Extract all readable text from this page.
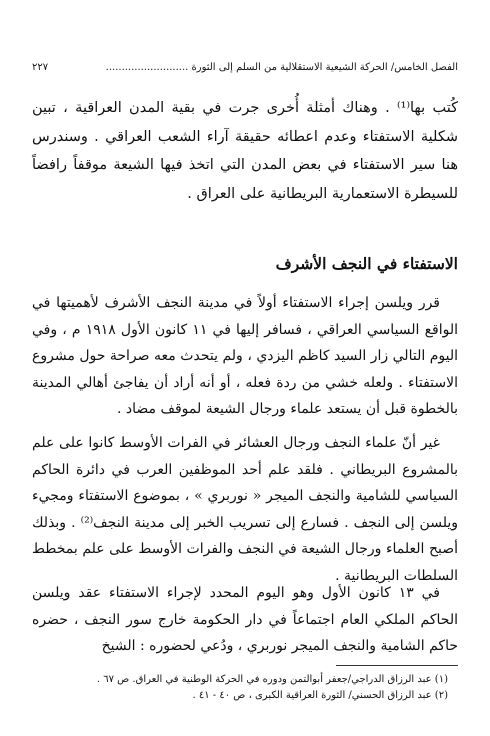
الفصل الخامس/ الحركة الشيعية الاستقلالية من السلم إلى الثورة ..........................
٢٢٧

كُتب بها⁽¹⁾ . وهناك أمثلة أُخرى جرت في بقية المدن العراقية ، تبين شكلية الاستفتاء وعدم اعطائه حقيقة آراء الشعب العراقي . وسندرس هنا سير الاستفتاء في بعض المدن التي اتخذ فيها الشيعة موقفاً رافضاً للسيطرة الاستعمارية البريطانية على العراق .

الاستفتاء في النجف الأشرف

قرر ويلسن إجراء الاستفتاء أولاً في مدينة النجف الأشرف لأهميتها في الواقع السياسي العراقي ، فسافر إليها في ١١ كانون الأول ١٩١٨ م ، وفي اليوم التالي زار السيد كاظم اليزدي ، ولم يتحدث معه صراحة حول مشروع الاستفتاء . ولعله خشي من ردة فعله ، أو أنه أراد أن يفاجئ أهالي المدينة بالخطوة قبل أن يستعد علماء ورجال الشيعة لموقف مضاد .

غير أنّ علماء النجف ورجال العشائر في الفرات الأوسط كانوا على علم بالمشروع البريطاني . فلقد علم أحد الموظفين العرب في دائرة الحاكم السياسي للشامية والنجف الميجر « نوربري » ، بموضوع الاستفتاء ومجيء ويلسن إلى النجف . فسارع إلى تسريب الخبر إلى مدينة النجف⁽²⁾ . وبذلك أصبح العلماء ورجال الشيعة في النجف والفرات الأوسط على علم بمخطط السلطات البريطانية .

في ١٣ كانون الأول وهو اليوم المحدد لإجراء الاستفتاء عقد ويلسن الحاكم الملكي العام اجتماعاً في دار الحكومة خارج سور النجف ، حضره حاكم الشامية والنجف الميجر نوربري ، ودُعي لحضوره : الشيخ

(١) عبد الرزاق الدراجي/جعفر أبوالتمن ودوره في الحركة الوطنية في العراق. ص ٦٧ .
(٢) عبد الرزاق الحسني/ الثورة العراقية الكبرى ، ص ٤٠ - ٤١ .
